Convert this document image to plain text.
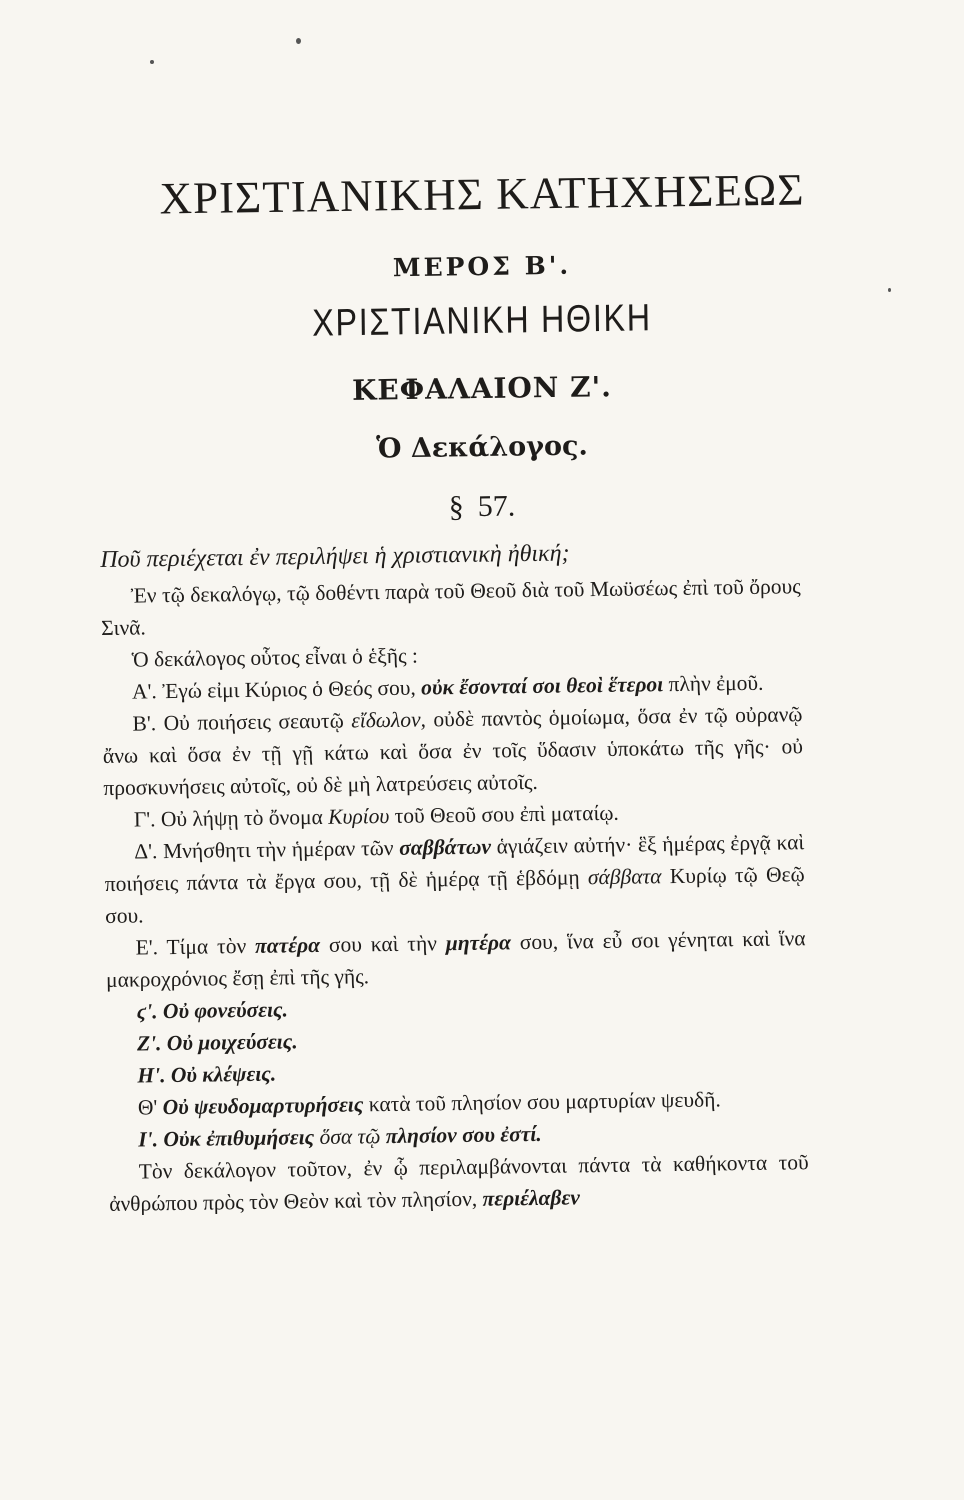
ΧΡΙΣΤΙΑΝΙΚΗΣ ΚΑΤΗΧΗΣΕΩΣ
ΜΕΡΟΣ Β'.
ΧΡΙΣΤΙΑΝΙΚΗ ΗΘΙΚΗ
ΚΕΦΑΛΑΙΟΝ Ζ'.
Ὁ Δεκάλογος.
§ 57.

Ποῦ περιέχεται ἐν περιλήψει ἡ χριστιανικὴ ἠθική;

Ἐν τῷ δεκαλόγῳ, τῷ δοθέντι παρὰ τοῦ Θεοῦ διὰ τοῦ Μωϋσέως ἐπὶ τοῦ ὄρους Σινᾶ.

Ὁ δεκάλογος οὗτος εἶναι ὁ ἑξῆς :

Α'. Ἐγώ εἰμι Κύριος ὁ Θεός σου, οὐκ ἔσονταί σοι θεοὶ ἕτεροι πλὴν ἐμοῦ.

Β'. Οὐ ποιήσεις σεαυτῷ εἴδωλον, οὐδὲ παντὸς ὁμοίωμα, ὅσα ἐν τῷ οὐρανῷ ἄνω καὶ ὅσα ἐν τῇ γῇ κάτω καὶ ὅσα ἐν τοῖς ὕδασιν ὑποκάτω τῆς γῆς· οὐ προσκυνήσεις αὐτοῖς, οὐ δὲ μὴ λατρεύσεις αὐτοῖς.

Γ'. Οὐ λήψῃ τὸ ὄνομα Κυρίου τοῦ Θεοῦ σου ἐπὶ ματαίῳ.

Δ'. Μνήσθητι τὴν ἡμέραν τῶν σαββάτων ἁγιάζειν αὐτήν· ἓξ ἡμέρας ἐργᾷ καὶ ποιήσεις πάντα τὰ ἔργα σου, τῇ δὲ ἡμέρᾳ τῇ ἑβδόμῃ σάββατα Κυρίῳ τῷ Θεῷ σου.

Ε'. Τίμα τὸν πατέρα σου καὶ τὴν μητέρα σου, ἵνα εὖ σοι γένηται καὶ ἵνα μακροχρόνιος ἔσῃ ἐπὶ τῆς γῆς.

ϛ'. Οὐ φονεύσεις.

Ζ'. Οὐ μοιχεύσεις.

Η'. Οὐ κλέψεις.

Θ' Οὐ ψευδομαρτυρήσεις κατὰ τοῦ πλησίον σου μαρτυρίαν ψευδῆ.

Ι'. Οὐκ ἐπιθυμήσεις ὅσα τῷ πλησίον σου ἐστί.

Τὸν δεκάλογον τοῦτον, ἐν ᾧ περιλαμβάνονται πάντα τὰ καθήκοντα τοῦ ἀνθρώπου πρὸς τὸν Θεὸν καὶ τὸν πλησίον, περιέλαβεν
